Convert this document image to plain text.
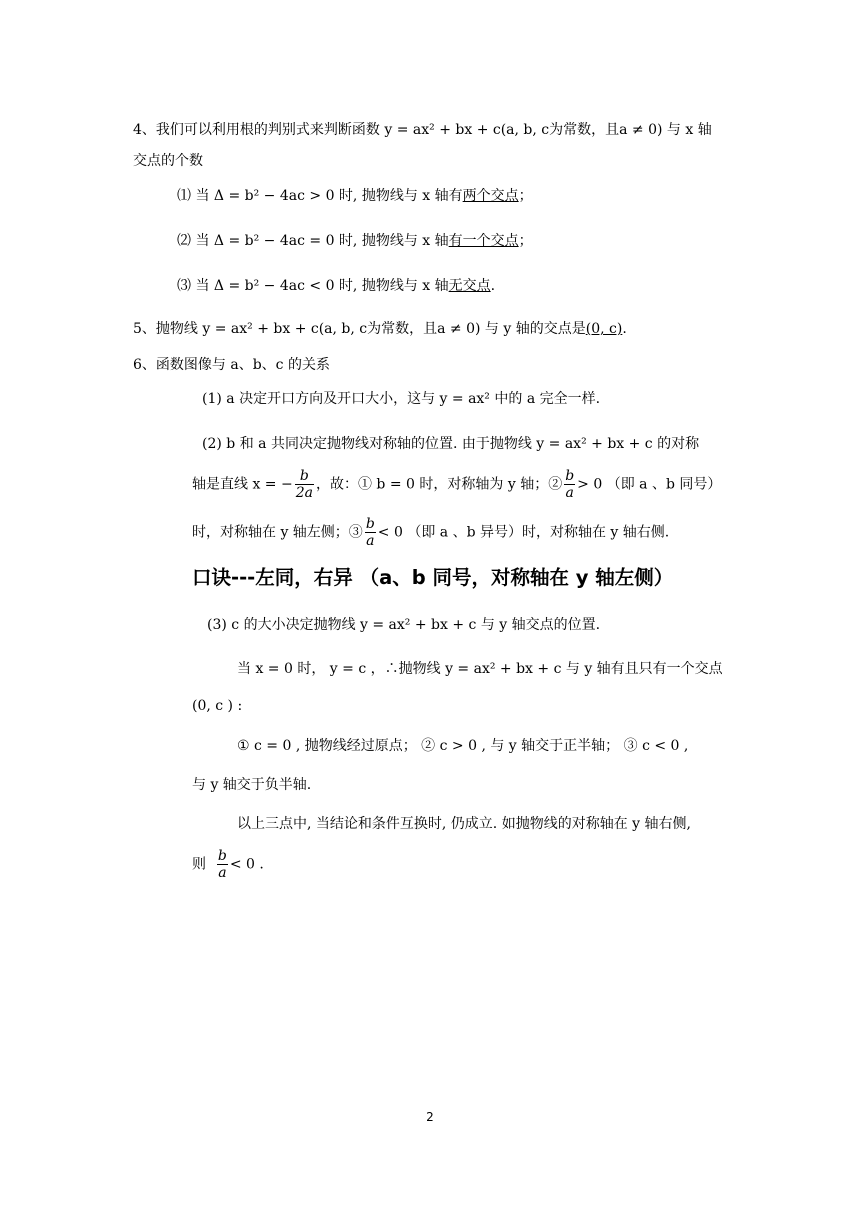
4、我们可以利用根的判别式来判断函数 y = ax² + bx + c(a, b, c为常数，且a ≠ 0) 与 x 轴
交点的个数
⑴ 当 Δ = b² − 4ac > 0 时, 抛物线与 x 轴有两个交点；
⑵ 当 Δ = b² − 4ac = 0 时, 抛物线与 x 轴有一个交点；
⑶ 当 Δ = b² − 4ac < 0 时, 抛物线与 x 轴无交点.
5、抛物线 y = ax² + bx + c(a, b, c为常数，且a ≠ 0) 与 y 轴的交点是(0, c).
6、函数图像与 a、b、c 的关系
(1) a 决定开口方向及开口大小，这与 y = ax² 中的 a 完全一样.
(2) b 和 a 共同决定抛物线对称轴的位置. 由于抛物线 y = ax² + bx + c 的对称
轴是直线 x = − $\frac{b}{2a}$ ，故：① b = 0 时，对称轴为 y 轴；② $\frac{b}{a} > 0$ （即 a 、b 同号）
时，对称轴在 y 轴左侧；③ $\frac{b}{a} < 0$ （即 a 、b 异号）时，对称轴在 y 轴右侧.
口诀---左同，右异 （a、b 同号，对称轴在 y 轴左侧）
(3) c 的大小决定抛物线 y = ax² + bx + c 与 y 轴交点的位置.
当 x = 0 时， y = c ，∴抛物线 y = ax² + bx + c 与 y 轴有且只有一个交点
(0, c ) :
① c = 0 , 抛物线经过原点； ② c > 0 , 与 y 轴交于正半轴； ③ c < 0 ,
与 y 轴交于负半轴.
以上三点中, 当结论和条件互换时, 仍成立. 如抛物线的对称轴在 y 轴右侧,
则 $\frac{b}{a} < 0$ .
2
